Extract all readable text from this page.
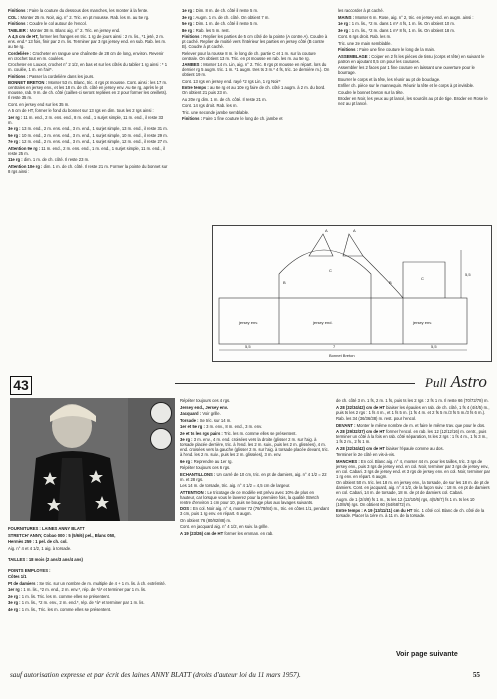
Finitions : Faire la couture du dessous des manches, les monter à la fente.

COL : Monter 25 m. Noir, aig. n° 2. Tric. en pt mousse. Rab. les m. au 5e rg.

Finitions : Coudre le col autour de l'encol.

TABLIER : Monter 38 m. Blanc aig. n° 2. Tric. en jersey end.

A 4,5 cm de HT, former les franges en tric. 1 rg de jours ainsi : 2 m. lis., *1 jeté, 2 m. ens. end.* 13 fois, finir par 2 m. lis. Terminer par 3 rgs jersey end. en sub. Rab. les m. au 5e rg.

Cordelière : Crocheter en rangue une chaînette de 28 cm de long, environ. Revenir en crochet tout en m. coulées.

Crocheter en Louxor, crochet n° 2 1/2, en bas et sur les côtés du tablier 1 rg ainsi : * 1 m. coulée, 1 m. en l'air*.

Finitions : Passer la cordelière dans les jours.

BONNET BRETON : Monter 53 m. Blanc, tric. 4 rgs pt mousse. Cont. ainsi : les 17 m. centrales en jersey env., et les 18 m. de ch. côté en jersey env. Au 6e rg, après le pt mousse, rab. 9 m. de ch. côté (cailles-ci seront repliées en 2 pour former les oreillets). Il reste 35 m.

Cont. en jersey end sur les 35 m.

A 5 cm de HT, former le fond du bonnet sur 13 rgs en dim. tous les 2 rgs ainsi :

1er rg : 11 m. end., 2 m. ens. end., 8 m. end., 1 surjet simple, 11 m. end., il reste 33 m.

3e rg : 13 m. end., 2 m. ens. end., 3 m. end., 1 surjet simple, 13 m. end., il reste 31 m.

5e rg : 10 m. end., 2 m. ens. end., 3 m. end., 1 surjet simple, 10 m. end., il reste 29 m.

7e rg : 12 m. end., 2 m. ens. end., 3 m. end., 1 surjet simple, 12 m. end., il reste 27 m.

Attention 9e rg : 11 m. end., 2 m. ens. end., 1 m. end., 1 surjet simple, 11 m. end., il reste 25 m.

11e rg : dim. 1 m. de ch. côté. Il reste 23 m.

Attention 10e rg : dim. 1 m. de ch. côté. Il reste 21 m. Former la pointe du bonnet sur 8 rgs ainsi :

1e rg : Dim. 8 m. de ch. côté il reste 5 m.

3e rg : Augm. 1 m. de ch. côté. On obtient 7 m.

5e rg : Dim. 1 m. de ch. côté il reste 5 m.

8e rg : Rab. les 5 m. rest.

Finitions : Replier les parties de 5 cm côté de la pointe (A contre A). Coudre à pt caché. Replier de moitié vers l'intérieur les parties en jersey côté (B contre B). Coudre à pt caché.

Relever pour la rousse 8 m. le long de ch. partie C et 1 m. sur la couture centrale. On obtient 13 m. Tric. en pt mousse en rab. les m. au 5e rg.

JAMBES : Monter 14 m. Lin, aig. n° 2. Tric. 8 rgs pt mousse en répart. lors du dernier rg 5 augm. tric. 1 m. *1 augm. tres ts 3 m.* 4 fs, tric. 1e dernière m.). On obtient 19 m.

Cont. 13 rgs en jersey end. rayé *2 rgs Lin, 1 rg Noir*

Entre temps : au 6e rg et au 10e rg faire de ch. côté 1 augm. à 2 m. du bord. On obtient 21 puis 23 m.

Au 20e rg dim. 1 m. de ch. côté. Il reste 21 m.

Cont. 14 rgs droit. Rab. les m.

Tric. une seconde jambe semblable.

Finitions : Faire 1 fine couture le long de ch. jambe et

les raccorder à pt caché.

MAINS : Monter 6 m. Rose, aig. n° 2, tric. en jersey end. en augm. ainsi :

1e rg : 1 m. lis., *2 m. dans 1 m* 4 fs, 1 m. lis. On obtient 10 m.

3e rg : 1 m. lis., *2 m. dans 1 m* 8 fs, 1 m. lis. On obtient 18 m.

Cont. 6 rgs droit. Rab. les m.

Tric. une 2e main semblable.

Finitions : Faire une fine couture le long de la main.

ASSEMBLAGE : Coiper en 2 fs les pièces de tissu (corps et tête) en suivant le patron en ajoutant 0,5 cm pour les coutures.

Assembler les 2 faces par 1 fine couture en laissant une ouverture pour le bourrage.

Bourrer le corps et la tête, les réunir au pt de bouclage.

Enfiler ch. pièce sur le mannequin. Réunir la tête et le corps à pt invisible.

Coudre le bonnet breton sur la tête.

Broder en Noir, les yeux au pt lancé, les sourcils au pt de tige. Broder en Rose le nez au pt lancé.

A	A
B	B
C
C
jersey env.	jersey end.	jersey env.
5,5	7	5,5
5,5
Bonnet Breton
43	Pull Astro

FOURNITURES : LAINES ANNY BLATT

STRETCH' ANNY, Cobao 000 : 5 (5/6/6) pel., Blanc 050,

Hermès 259 : 1 pel. de ch. col.

Aig. n° 4 et 4 1/2, 1 aig. à torsade.

TAILLES : 18 mois (2 ans/3 ans/4 ans)

POINTS EMPLOYES :

Côtes 1/1

Pt de damiers : Se tric. sur un nombre de m. multiple de 4 + 1 m. lis. à ch. extrémité.

1er rg : 1 m. lis., *2 m. end., 2 m. env.*, rép. de *à* et terminer par 1 m. lis.

2e rg : 1 m. lis. Tric. les m. comme elles se présentent.

3e rg : 1 m. lis., *2 m. env., 2 m. end.*, rép. de *à* et terminer par 1 m. lis.

4e rg : 1 m. lis., Tric. les m. comme elles se présentent.

Répéter toujours ces 4 rgs.

Jersey end., Jersey env.

Jacquard : Voir grille.

Torsade : Se tric. sur 14 m.

1er et 5e rg : 3 m. env., 8 m. end., 3 m. env.

2e et ts les rgs pairs : Tric. les m. comme elles se présentent.

3e rg : 3 m. env., 4 m. end. croisées vers la droite (glisser 2 m. sur l'aig. à torsade placée derrière, tric. à l'end. les 2 m. suiv., puis les 2 m. glissées), 4 m. end. croisées vers la gauche (glisser 2 m. sur l'aig. à torsade placée devant, tric. à l'end. les 2 m. suiv., puis les 2 m. glissées), 3 m. env.

6e rg : Reprendre au 1er rg.

Répéter toujours ces 6 rgs.

ECHANTILLONS : Un carré de 10 cm, tric. en pt de damiers, aig. n° 4 1/2 = 22 m. et 28 rgs.

Les 14 m. de torsade, tric. aig. n° 4 1/2 = 4,5 cm de largeur.

ATTENTION : Le tricotage de ce modèle est prévu avec 10% de plus en hauteur, car lorsque vous le laverez pour la première fois, la qualité Stretch rentre d'environ 1 cm pour 10, puis ne bouge plus aux lavages suivants.

DOS : En col. Noir aig. n° 4, monter 72 (76/78/84) m., tric. en côtes 1/1, pendant 3 cm, puis 1 rg env. en répart. 6 augm.

On obtient 76 (80/82/88) m.

Cont. en jacquard aig. n° 4 1/2, en suiv. la grille.

A 19 (23/26) cm de HT former les emman. en rab.

de ch. côté 3 m. 1 fs, 2 m. 1 fs, puis ts les 2 rgs : 2 fs 1 m. Il reste 66 (70/72/78) m.

A 28 (32/34/42) cm de HT biaiser les épaules en rab. de ch. côté, 1 fs 4 (4/4/5) m., puis ts les 2 rgs : 1 fs 4 m., et 1 fs 5 m. (1 fs 4 m. et 2 fs 5 m./3 fs 5 m./3 fs 6 m.).

Rab. les 34 (36/36/38) m. rest. pour l'encol.

DEVANT : Monter le même nombre de m. et faire le même trav. que pour le dos.

A 28 (29/32/37) cm de HT former l'encol. en rab. les 12 (12/12/16) m. centr., puis terminer un côté à la fois en rab. côté séparation, ts les 2 rgs : 1 fs 4 m., 1 fs 3 m., 1 fs 2 m., 2 fs 1 m.

A 28 (32/34/42) cm de HT biaiser l'épaule comme au dos.

Terminer le 2e côté en vis-à-vis.

MANCHES : En col. Blanc aig. n° 4, monter 44 m. pour les tailles, tric. 3 rgs de jersey env., puis 3 rgs de jersey end. en col. Noir, terminer par 3 rgs de jersey env., en col. Cabari. 3 rgs de jersey end. et 3 rgs de jersey env. en col. Noir, terminer par 1 rg env. en répart. 6 augm.

On obtient 50 m. tric. les 18 m. en jersey env., la torsade, de sur les 18 m. de pt de damiers. Cont. en jacquard, aig. n° 4 1/2, de la façon suiv. : 18 m. en pt de damiers en col. Cabari, 14 m. de torsade, 18 m. de pt de damiers col. Cabari.

Augm. de 1 (2/4/8) fs 1 m., ts les 12 (12/10/6) rgs, 4(5/5/7) fs 1 m. ts les 10 (10/8/6) rgs. On obtient 60 (64/68/72) m.

Entre temps : A 19 (13/11/11) cm du HT tric. 1 côté col. Blanc de ch. côté de la torsade. Placer la 1ère m. à 11 m. de la torsade.

Voir page suivante
sauf autorisation expresse et par écrit des laines ANNY BLATT (droits d'auteur loi du 11 mars 1957).	55
